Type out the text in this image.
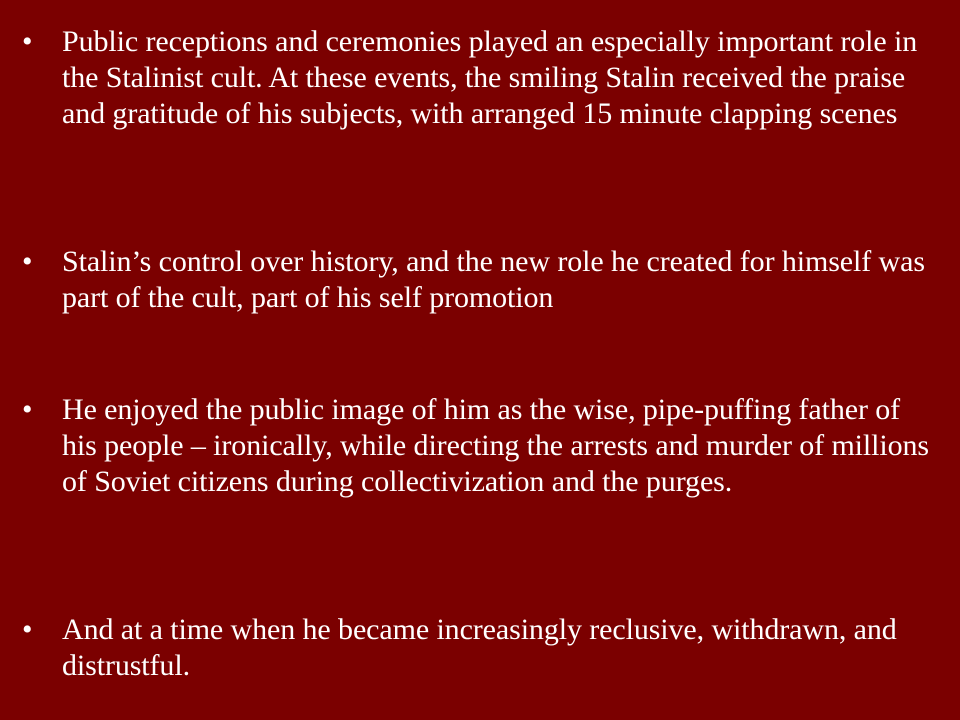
• Public receptions and ceremonies played an especially important role in the Stalinist cult. At these events, the smiling Stalin received the praise and gratitude of his subjects, with arranged 15 minute clapping scenes

• Stalin’s control over history, and the new role he created for himself was part of the cult, part of his self promotion

• He enjoyed the public image of him as the wise, pipe-puffing father of his people – ironically, while directing the arrests and murder of millions of Soviet citizens during collectivization and the purges.

• And at a time when he became increasingly reclusive, withdrawn, and distrustful.
